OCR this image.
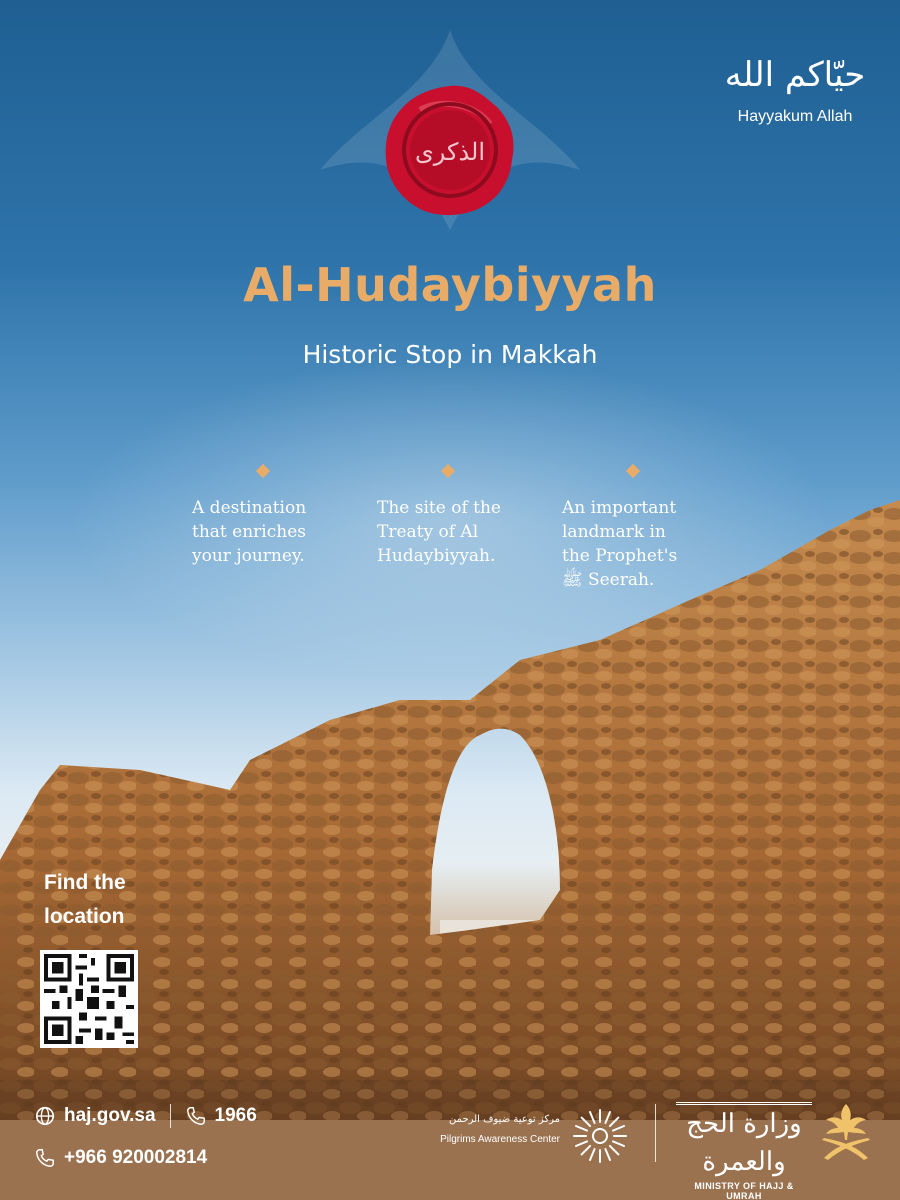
حيّاكم الله
Hayyakum Allah
الذكرى
Al-Hudaybiyyah
Historic Stop in Makkah
A destination
that enriches
your journey.
The site of the
Treaty of Al
Hudaybiyyah.
An important
landmark in
the Prophet's
ﷺ Seerah.
Find the
location
haj.gov.sa	1966
+966 920002814
مركز توعية ضيوف الرحمن
Pilgrims Awareness Center
وزارة الحج والعمرة
MINISTRY OF HAJJ & UMRAH
